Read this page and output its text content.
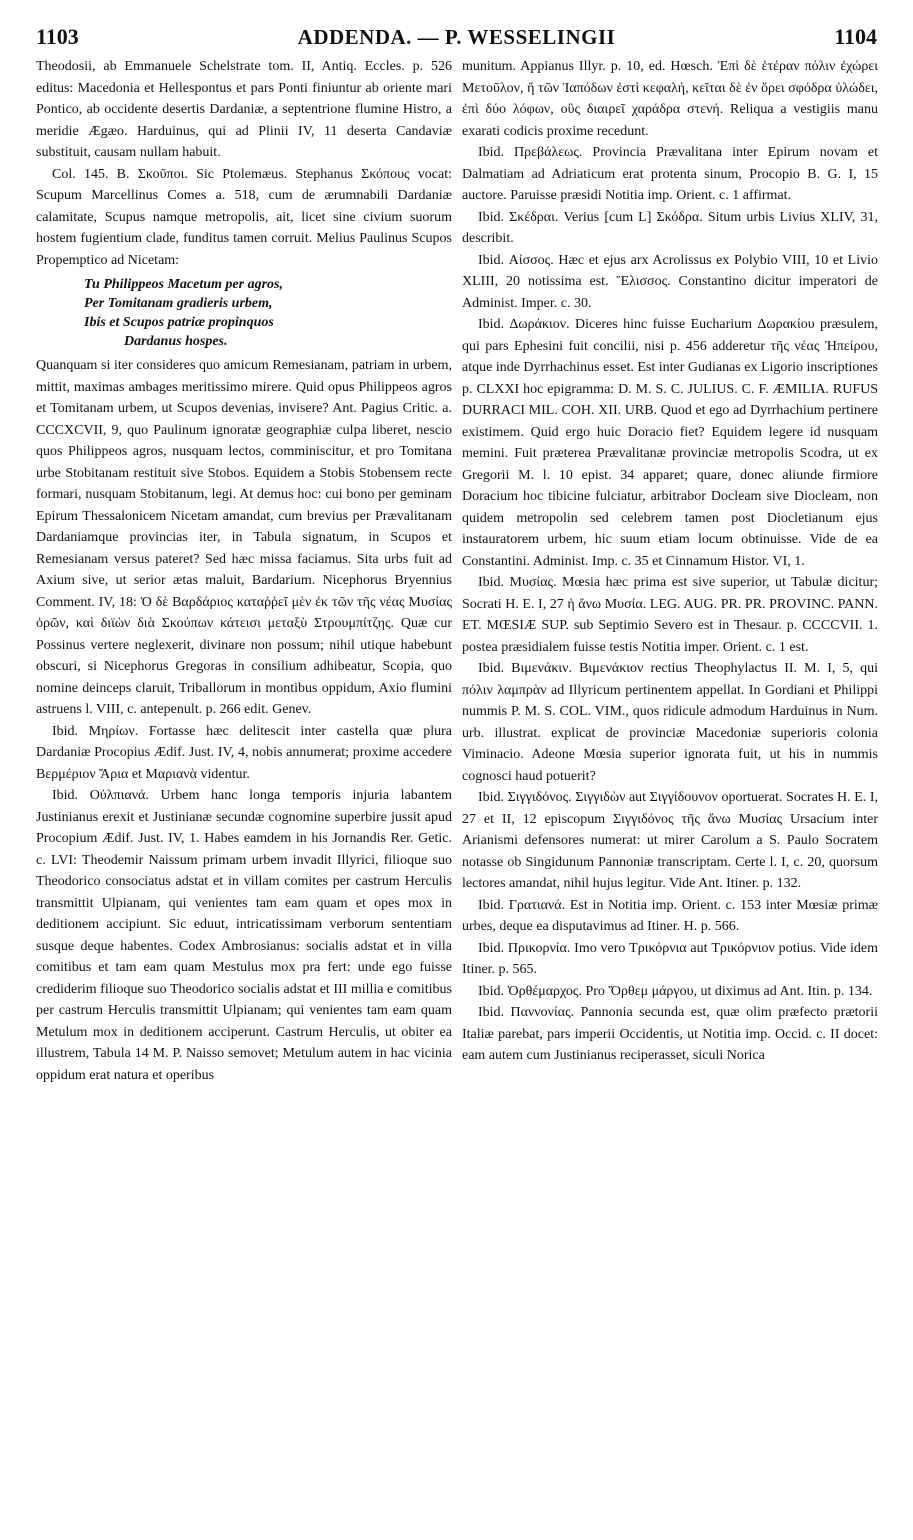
1103	ADDENDA. — P. WESSELINGII	1104

Theodosii, ab Emmanuele Schelstrate tom. II, Antiq. Eccles. p. 526 editus: Macedonia et Hellespontus et pars Ponti finiuntur ab oriente mari Pontico, ab occidente desertis Dardaniæ, a septentrione flumine Histro, a meridie Ægæo. Harduinus, qui ad Plinii IV, 11 deserta Candaviæ substituit, causam nullam habuit.

Col. 145. B. Σκοῦποι. Sic Ptolemæus. Stephanus Σκόπους vocat: Scupum Marcellinus Comes a. 518, cum de ærumnabili Dardaniæ calamitate, Scupus namque metropolis, ait, licet sine civium suorum hostem fugientium clade, funditus tamen corruit. Melius Paulinus Scupos Propemptico ad Nicetam:

Tu Philippeos Macetum per agros,
Per Tomitanam gradieris urbem,
Ibis et Scupos patriæ propinquos
Dardanus hospes.

Quanquam si iter consideres quo amicum Remesianam, patriam in urbem, mittit, maximas ambages meritissimo mirere. Quid opus Philippeos agros et Tomitanam urbem, ut Scupos devenias, invisere? Ant. Pagius Critic. a. CCCXCVII, 9, quo Paulinum ignoratæ geographiæ culpa liberet, nescio quos Philippeos agros, nusquam lectos, comminiscitur, et pro Tomitana urbe Stobitanam restituit sive Stobos. Equidem a Stobis Stobensem recte formari, nusquam Stobitanum, legi. At demus hoc: cui bono per geminam Epirum Thessalonicem Nicetam amandat, cum brevius per Prævalitanam Dardaniamque provincias iter, in Tabula signatum, in Scupos et Remesianam versus pateret? Sed hæc missa faciamus. Sita urbs fuit ad Axium sive, ut serior ætas maluit, Bardarium. Nicephorus Bryennius Comment. IV, 18: Ὁ δὲ Βαρδάριος καταῤῥεῖ μὲν ἐκ τῶν τῆς νέας Μυσίας ὀρῶν, καὶ διϊὼν διὰ Σκούπων κάτεισι μεταξὺ Στρουμπίτζης. Quæ cur Possinus vertere neglexerit, divinare non possum; nihil utique habebunt obscuri, si Nicephorus Gregoras in consilium adhibeatur, Scopia, quo nomine deinceps claruit, Triballorum in montibus oppidum, Axio flumini astruens l. VIII, c. antepenult. p. 266 edit. Genev.

Ibid. Μηρίων. Fortasse hæc delitescit inter castella quæ plura Dardaniæ Procopius Ædif. Just. IV, 4, nobis annumerat; proxime accedere Βερμέριον Ἄρια et Μαριανὰ videntur.

Ibid. Οὐλπιανά. Urbem hanc longa temporis injuria labantem Justinianus erexit et Justinianæ secundæ cognomine superbire jussit apud Procopium Ædif. Just. IV, 1. Habes eamdem in his Jornandis Rer. Getic. c. LVI: Theodemir Naissum primam urbem invadit Illyrici, filioque suo Theodorico consociatus adstat et in villam comites per castrum Herculis transmittit Ulpianam, qui venientes tam eam quam et opes mox in deditionem accipiunt. Sic eduut, intricatissimam verborum sententiam susque deque habentes. Codex Ambrosianus: socialis adstat et in villa comitibus et tam eam quam Mestulus mox pra fert: unde ego fuisse crediderim filioque suo Theodorico socialis adstat et III millia e comitibus per castrum Herculis transmittit Ulpianam; qui venientes tam eam quam Metulum mox in deditionem acciperunt. Castrum Herculis, ut obiter ea illustrem, Tabula 14 M. P. Naisso semovet; Metulum autem in hac vicinia oppidum erat natura et operibus

munitum. Appianus Illyr. p. 10, ed. Hœsch. Ἐπὶ δὲ ἑτέραν πόλιν ἐχώρει Μετοῦλον, ἥ τῶν Ἰαπόδων ἐστὶ κεφαλή, κεῖται δὲ ἐν ὄρει σφόδρα ὑλώδει, ἐπὶ δύο λόφων, οὓς διαιρεῖ χαράδρα στενή. Reliqua a vestigiis manu exarati codicis proxime recedunt.

Ibid. Πρεβάλεως. Provincia Prævalitana inter Epirum novam et Dalmatiam ad Adriaticum erat protenta sinum, Procopio B. G. I, 15 auctore. Paruisse præsidi Notitia imp. Orient. c. 1 affirmat.

Ibid. Σκέδραι. Verius [cum L] Σκόδρα. Situm urbis Livius XLIV, 31, describit.

Ibid. Αἰσσος. Hæc et ejus arx Acrolissus ex Polybio VIII, 10 et Livio XLIII, 20 notissima est. Ἔλισσος. Constantino dicitur imperatori de Administ. Imper. c. 30.

Ibid. Δωράκιον. Diceres hinc fuisse Eucharium Δωρακίου præsulem, qui pars Ephesini fuit concilii, nisi p. 456 adderetur τῆς νέας Ἠπείρου, atque inde Dyrrhachinus esset. Est inter Gudianas ex Ligorio inscriptiones p. CLXXI hoc epigramma: D. M. S. C. JULIUS. C. F. ÆMILIA. RUFUS DURRACI MIL. COH. XII. URB. Quod et ego ad Dyrrhachium pertinere existimem. Quid ergo huic Doracio fiet? Equidem legere id nusquam memini. Fuit præterea Prævalitanæ provinciæ metropolis Scodra, ut ex Gregorii M. l. 10 epist. 34 apparet; quare, donec aliunde firmiore Doracium hoc tibicine fulciatur, arbitrabor Docleam sive Diocleam, non quidem metropolin sed celebrem tamen post Diocletianum ejus instauratorem urbem, hic suum etiam locum obtinuisse. Vide de ea Constantini. Administ. Imp. c. 35 et Cinnamum Histor. VI, 1.

Ibid. Μυσίας. Mœsia hæc prima est sive superior, ut Tabulæ dicitur; Socrati H. E. I, 27 ἡ ἄνω Μυσία. LEG. AUG. PR. PR. PROVINC. PANN. ET. MŒSIÆ SUP. sub Septimio Severo est in Thesaur. p. CCCCVII. 1. postea præsidialem fuisse testis Notitia imper. Orient. c. 1 est.

Ibid. Βιμενάκιν. Βιμενάκιον rectius Theophylactus II. M. I, 5, qui πόλιν λαμπρὰν ad Illyricum pertinentem appellat. In Gordiani et Philippi nummis P. M. S. COL. VIM., quos ridicule admodum Harduinus in Num. urb. illustrat. explicat de provinciæ Macedoniæ superioris colonia Viminacio. Adeone Mœsia superior ignorata fuit, ut his in nummis cognosci haud potuerit?

Ibid. Σιγγιδόνος. Σιγγιδὼν aut Σιγγίδουνον oportuerat. Socrates H. E. I, 27 et II, 12 episcopum Σιγγιδόνος τῆς ἄνω Μυσίας Ursacium inter Arianismi defensores numerat: ut mirer Carolum a S. Paulo Socratem notasse ob Singidunum Pannoniæ transcriptam. Certe l. I, c. 20, quorsum lectores amandat, nihil hujus legitur. Vide Ant. Itiner. p. 132.

Ibid. Γρατιανά. Est in Notitia imp. Orient. c. 153 inter Mœsiæ primæ urbes, deque ea disputavimus ad Itiner. H. p. 566.

Ibid. Πρικορνία. Imo vero Τρικόρνια aut Τρικόρνιον potius. Vide idem Itiner. p. 565.

Ibid. Ὀρθέμαρχος. Pro Ὄρθεμ μάργου, ut diximus ad Ant. Itin. p. 134.

Ibid. Παννονίας. Pannonia secunda est, quæ olim præfecto prætorii Italiæ parebat, pars imperii Occidentis, ut Notitia imp. Occid. c. II docet: eam autem cum Justinianus reciperasset, siculi Norica
